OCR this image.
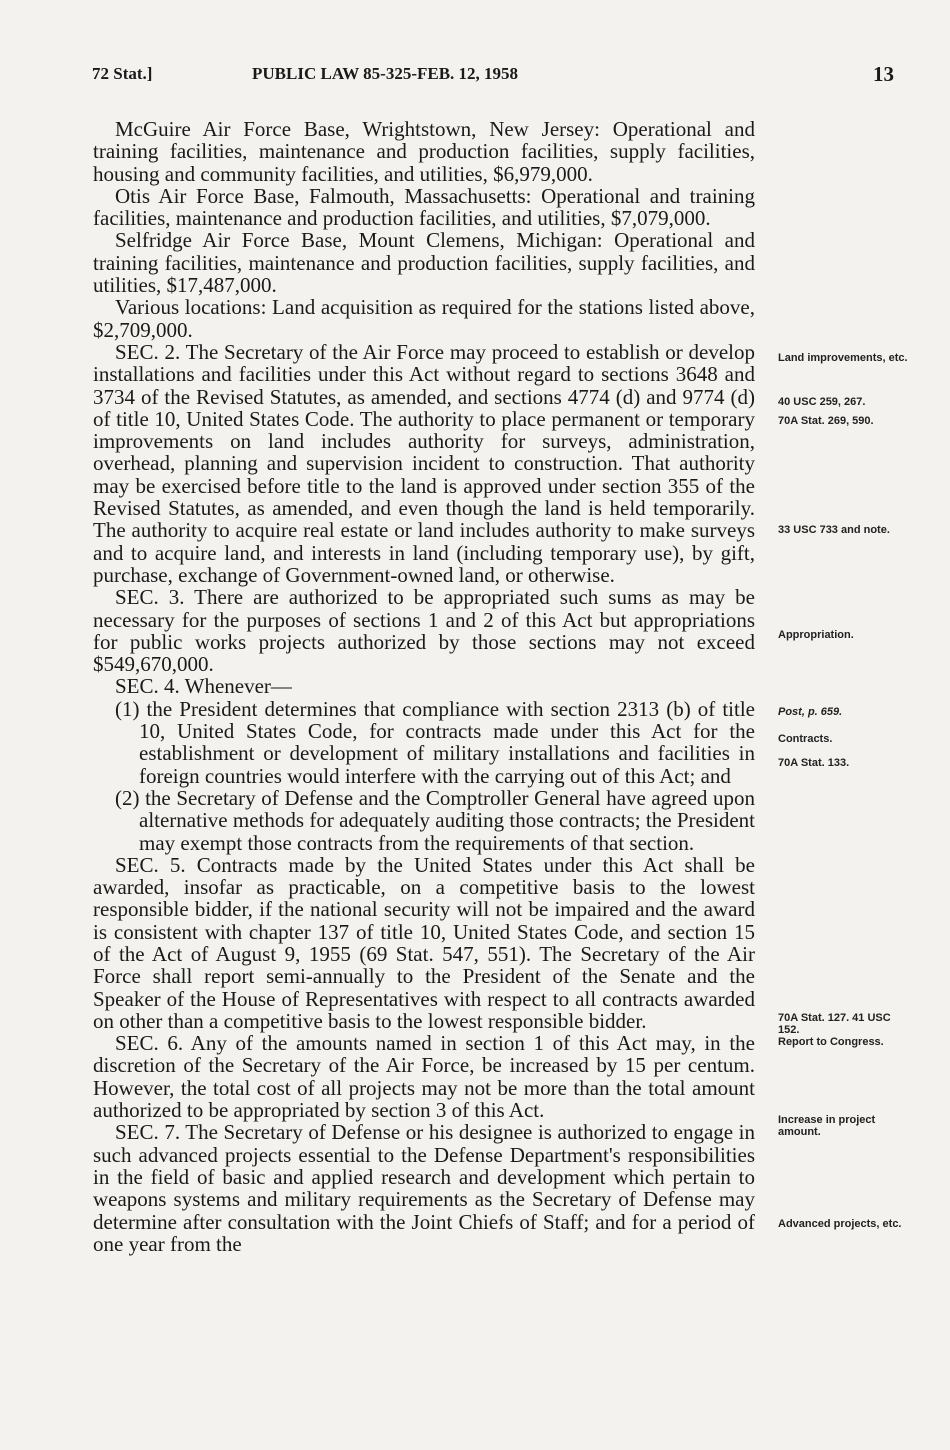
72 Stat.]	PUBLIC LAW 85-325-FEB. 12, 1958	13

McGuire Air Force Base, Wrightstown, New Jersey: Operational and training facilities, maintenance and production facilities, supply facilities, housing and community facilities, and utilities, $6,979,000.

Otis Air Force Base, Falmouth, Massachusetts: Operational and training facilities, maintenance and production facilities, and utilities, $7,079,000.

Selfridge Air Force Base, Mount Clemens, Michigan: Operational and training facilities, maintenance and production facilities, supply facilities, and utilities, $17,487,000.

Various locations: Land acquisition as required for the stations listed above, $2,709,000.

SEC. 2. The Secretary of the Air Force may proceed to establish or develop installations and facilities under this Act without regard to sections 3648 and 3734 of the Revised Statutes, as amended, and sections 4774 (d) and 9774 (d) of title 10, United States Code. The authority to place permanent or temporary improvements on land includes authority for surveys, administration, overhead, planning and supervision incident to construction. That authority may be exercised before title to the land is approved under section 355 of the Revised Statutes, as amended, and even though the land is held temporarily. The authority to acquire real estate or land includes authority to make surveys and to acquire land, and interests in land (including temporary use), by gift, purchase, exchange of Government-owned land, or otherwise.

SEC. 3. There are authorized to be appropriated such sums as may be necessary for the purposes of sections 1 and 2 of this Act but appropriations for public works projects authorized by those sections may not exceed $549,670,000.

SEC. 4. Whenever—

(1) the President determines that compliance with section 2313 (b) of title 10, United States Code, for contracts made under this Act for the establishment or development of military installations and facilities in foreign countries would interfere with the carrying out of this Act; and

(2) the Secretary of Defense and the Comptroller General have agreed upon alternative methods for adequately auditing those contracts; the President may exempt those contracts from the requirements of that section.

SEC. 5. Contracts made by the United States under this Act shall be awarded, insofar as practicable, on a competitive basis to the lowest responsible bidder, if the national security will not be impaired and the award is consistent with chapter 137 of title 10, United States Code, and section 15 of the Act of August 9, 1955 (69 Stat. 547, 551). The Secretary of the Air Force shall report semi-annually to the President of the Senate and the Speaker of the House of Representatives with respect to all contracts awarded on other than a competitive basis to the lowest responsible bidder.

SEC. 6. Any of the amounts named in section 1 of this Act may, in the discretion of the Secretary of the Air Force, be increased by 15 per centum. However, the total cost of all projects may not be more than the total amount authorized to be appropriated by section 3 of this Act.

SEC. 7. The Secretary of Defense or his designee is authorized to engage in such advanced projects essential to the Defense Department's responsibilities in the field of basic and applied research and development which pertain to weapons systems and military requirements as the Secretary of Defense may determine after consultation with the Joint Chiefs of Staff; and for a period of one year from the

Land improvements, etc.
40 USC 259, 267.
70A Stat. 269, 590.
33 USC 733 and note.
Appropriation.
Post, p. 659.
Contracts.
70A Stat. 133.
70A Stat. 127. 41 USC 152.
Report to Congress.
Increase in project amount.
Advanced projects, etc.
